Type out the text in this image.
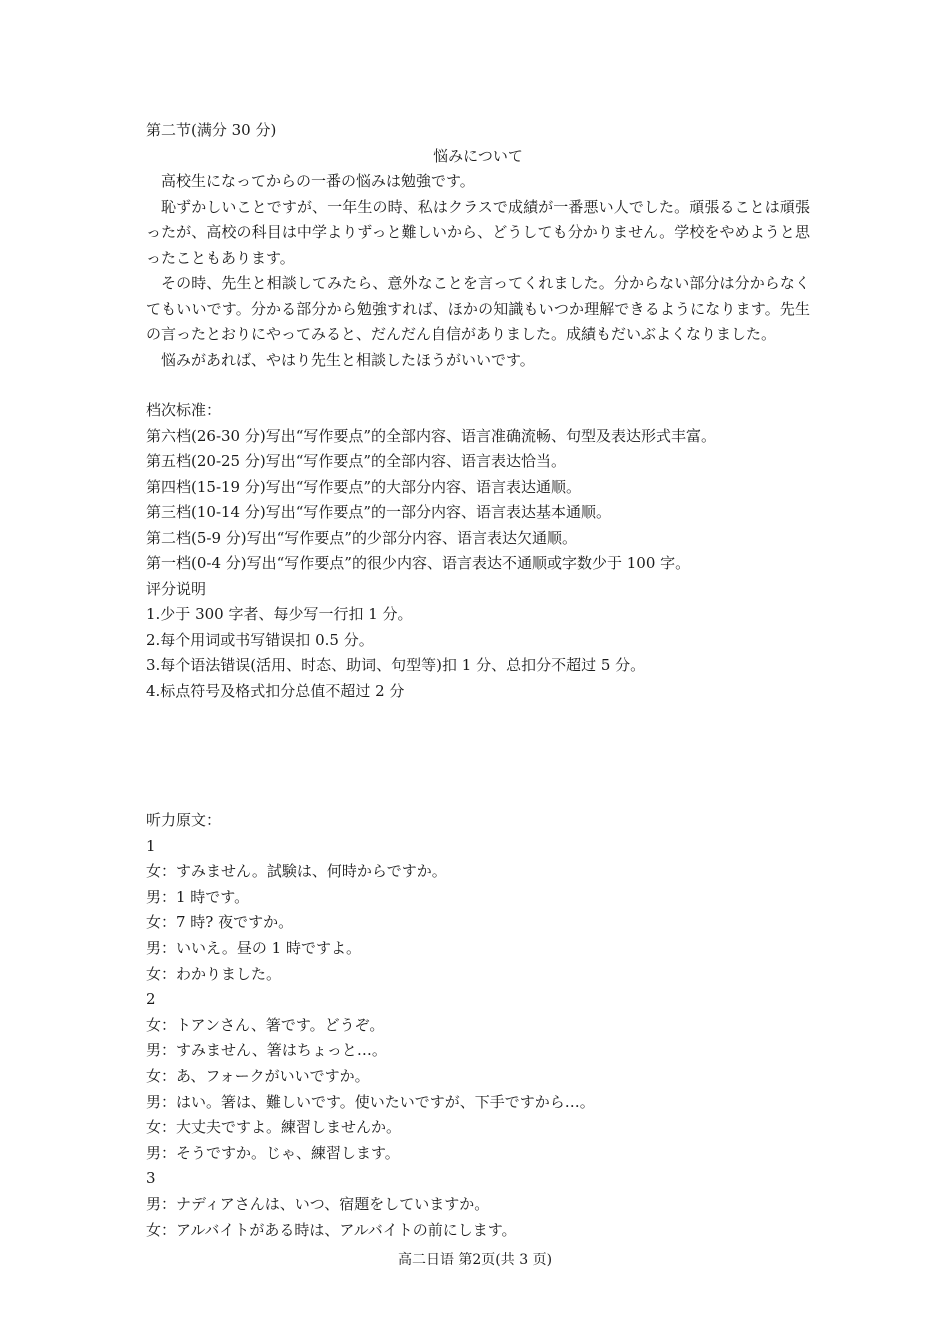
第二节(满分 30 分)
悩みについて
高校生になってからの一番の悩みは勉強です。
恥ずかしいことですが、一年生の時、私はクラスで成績が一番悪い人でした。頑張ることは頑張ったが、高校の科目は中学よりずっと難しいから、どうしても分かりません。学校をやめようと思ったこともあります。
その時、先生と相談してみたら、意外なことを言ってくれました。分からない部分は分からなくてもいいです。分かる部分から勉強すれば、ほかの知識もいつか理解できるようになります。先生の言ったとおりにやってみると、だんだん自信がありました。成績もだいぶよくなりました。
悩みがあれば、やはり先生と相談したほうがいいです。
档次标准：
第六档(26-30 分)写出“写作要点”的全部内容、语言准确流畅、句型及表达形式丰富。
第五档(20-25 分)写出“写作要点”的全部内容、语言表达恰当。
第四档(15-19 分)写出“写作要点”的大部分内容、语言表达通顺。
第三档(10-14 分)写出“写作要点”的一部分内容、语言表达基本通顺。
第二档(5-9 分)写出“写作要点”的少部分内容、语言表达欠通顺。
第一档(0-4 分)写出“写作要点”的很少内容、语言表达不通顺或字数少于 100 字。
评分说明
1.少于 300 字者、每少写一行扣 1 分。
2.每个用词或书写错误扣 0.5 分。
3.每个语法错误(活用、时态、助词、句型等)扣 1 分、总扣分不超过 5 分。
4.标点符号及格式扣分总值不超过 2 分
听力原文：
1
女：すみません。試験は、何時からですか。
男：1 時です。
女：7 時? 夜ですか。
男：いいえ。昼の 1 時ですよ。
女：わかりました。
2
女：トアンさん、箸です。どうぞ。
男：すみません、箸はちょっと…。
女：あ、フォークがいいですか。
男：はい。箸は、難しいです。使いたいですが、下手ですから…。
女：大丈夫ですよ。練習しませんか。
男：そうですか。じゃ、練習します。
3
男：ナディアさんは、いつ、宿題をしていますか。
女：アルバイトがある時は、アルバイトの前にします。
高二日语 第2页(共 3 页)
